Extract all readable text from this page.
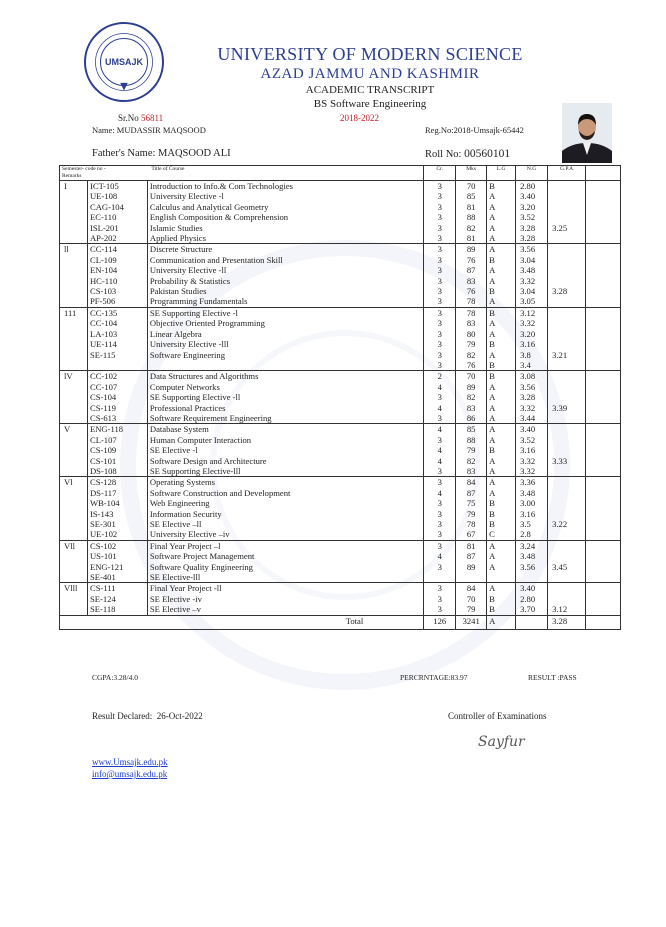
UMSAJK	UNIVERSITY OF MODERN SCIENCE
AZAD JAMMU AND KASHMIR
ACADEMIC TRANSCRIPT
BS Software Engineering
Sr.No 56811	2018-2022
Name: MUDASSIR MAQSOOD	Reg.No:2018-Umsajk-65442
Father's Name: MAQSOOD ALI	Roll No: 00560101
Semester- code no -
Remarks		Title of Course	Cr.	Mks	L.G	N.G	G.P.A	
I	ICT-105	Introduction to Info.& Com Technologies	3	70	B	2.80	3.25	
	UE-108	University Elective -l	3	85	A	3.40		
	CAG-104	Calculus and Analytical Geometry	3	81	A	3.20		
	EC-110	English Composition & Comprehension	3	88	A	3.52		
	ISL-201	Islamic Studies	3	82	A	3.28		
	AP-202	Applied Physics	3	81	A	3.28		
ll	CC-114	Discrete Structure	3	89	A	3.56	3.28	
	CL-109	Communication and Presentation Skill	3	76	B	3.04		
	EN-104	University Elective -ll	3	87	A	3.48		
	HC-110	Probability & Statistics	3	83	A	3.32		
	CS-103	Pakistan Studies	3	76	B	3.04		
	PF-506	Programming Fundamentals	3	78	A	3.05		
111	CC-135	SE Supporting Elective -l	3	78	B	3.12	3.21	
	CC-104	Objective Oriented Programming	3	83	A	3.32		
	LA-103	Linear Algebra	3	80	A	3.20		
	UE-114	University Elective -lll	3	79	B	3.16		
	SE-115	Software Engineering	3	82	A	3.8		
			3	76	B	3.4		
lV	CC-102	Data Structures and Algorithms	2	70	B	3.08	3.39	
	CC-107	Computer Networks	4	89	A	3.56		
	CS-104	SE Supporting Elective -ll	3	82	A	3.28		
	CS-119	Professional Practices	4	83	A	3.32		
	CS-613	Software Requirement Engineering	3	86	A	3.44		

V	ENG-118	Database System	4	85	A	3.40	3.33	
	CL-107	Human Computer Interaction	3	88	A	3.52		
	CS-109	SE Elective -l	4	79	B	3.16		
	CS-101	Software Design and Architecture	4	82	A	3.32		
	DS-108	SE Supporting Elective-lll	3	83	A	3.32		
Vl	CS-128	Operating Systems	3	84	A	3.36	3.22	
	DS-117	Software Construction and Development	4	87	A	3.48		
	WB-104	Web Engineering	3	75	B	3.00		
	IS-143	Information Security	3	79	B	3.16		
	SE-301	SE Elective –ll	3	78	B	3.5		
	UE-102	University Elective –iv	3	67	C	2.8		
Vll	CS-102	Final Year Project –l	3	81	A	3.24	3.45	
	US-101	Software Project Management	4	87	A	3.48		
	ENG-121	Software Quality Engineering	3	89	A	3.56		
	SE-401	SE Elective-lll						
Vlll	CS-111	Final Year Project -ll	3	84	A	3.40	3.12	
	SE-124	SE Elective -iv	3	70	B	2.80		
	SE-118	SE Elective –v	3	79	B	3.70		

Total			126	3241	A		3.28	
CGPA:3.28/4.0	PERCRNTAGE:83.97	RESULT :PASS
Result Declared: 26-Oct-2022	Controller of Examinations
Sayfur
www.Umsajk.edu.pk
info@umsajk.edu.pk
